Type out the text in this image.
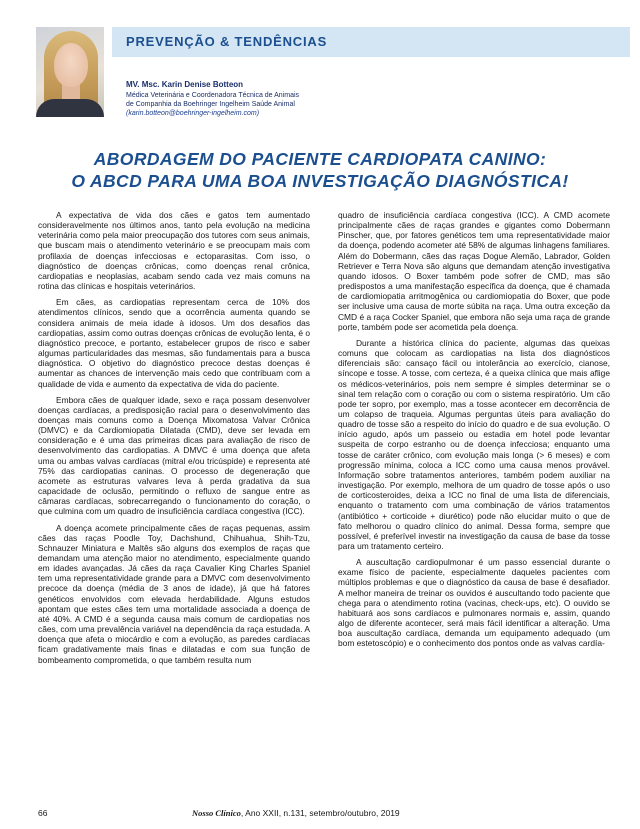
PREVENÇÃO & TENDÊNCIAS
MV. Msc. Karin Denise Botteon
Médica Veterinária e Coordenadora Técnica de Animais
de Companhia da Boehringer Ingelheim Saúde Animal
(karin.botteon@boehringer-ingelheim.com)
ABORDAGEM DO PACIENTE CARDIOPATA CANINO:
O ABCD PARA UMA BOA INVESTIGAÇÃO DIAGNÓSTICA!

A expectativa de vida dos cães e gatos tem aumentado consideravelmente nos últimos anos, tanto pela evolução na medicina veterinária como pela maior preocupação dos tutores com seus animais, que buscam mais o atendimento veterinário e se preocupam mais com profilaxia de doenças infecciosas e ectoparasitas. Com isso, o diagnóstico de doenças crônicas, como doenças renal crônica, cardiopatias e neoplasias, acabam sendo cada vez mais comuns na rotina das clínicas e hospitais veterinários.

Em cães, as cardiopatias representam cerca de 10% dos atendimentos clínicos, sendo que a ocorrência aumenta quando se considera animais de meia idade à idosos. Um dos desafios das cardiopatias, assim como outras doenças crônicas de evolução lenta, é o diagnóstico precoce, e portanto, estabelecer grupos de risco e saber algumas particularidades das mesmas, são fundamentais para a busca diagnóstica. O objetivo do diagnóstico precoce destas doenças é aumentar as chances de intervenção mais cedo que contribuam com a qualidade de vida e aumento da expectativa de vida do paciente.

Embora cães de qualquer idade, sexo e raça possam desenvolver doenças cardíacas, a predisposição racial para o desenvolvimento das doenças mais comuns como a Doença Mixomatosa Valvar Crônica (DMVC) e da Cardiomiopatia Dilatada (CMD), deve ser levada em consideração e é uma das primeiras dicas para avaliação de risco de desenvolvimento das cardiopatias. A DMVC é uma doença que afeta uma ou ambas valvas cardíacas (mitral e/ou tricúspide) e representa até 75% das cardiopatias caninas. O processo de degeneração que acomete as estruturas valvares leva à perda gradativa da sua capacidade de oclusão, permitindo o refluxo de sangue entre as câmaras cardíacas, sobrecarregando o funcionamento do coração, o que culmina com um quadro de insuficiência cardíaca congestiva (ICC).

A doença acomete principalmente cães de raças pequenas, assim cães das raças Poodle Toy, Dachshund, Chihuahua, Shih-Tzu, Schnauzer Miniatura e Maltês são alguns dos exemplos de raças que demandam uma atenção maior no atendimento, especialmente quando em idades avançadas. Já cães da raça Cavalier King Charles Spaniel tem uma representatividade grande para a DMVC com desenvolvimento precoce da doença (média de 3 anos de idade), já que há fatores genéticos envolvidos com elevada herdabilidade. Alguns estudos apontam que estes cães tem uma mortalidade associada a doença de até 40%. A CMD é a segunda causa mais comum de cardiopatias nos cães, com uma prevalência variável na dependência da raça estudada. A doença que afeta o miocárdio e com a evolução, as paredes cardíacas ficam gradativamente mais finas e dilatadas e com sua função de bombeamento comprometida, o que também resulta num

quadro de insuficiência cardíaca congestiva (ICC). A CMD acomete principalmente cães de raças grandes e gigantes como Dobermann Pinscher, que, por fatores genéticos tem uma representatividade maior da doença, podendo acometer até 58% de algumas linhagens familiares. Além do Dobermann, cães das raças Dogue Alemão, Labrador, Golden Retriever e Terra Nova são alguns que demandam atenção investigativa quando idosos. O Boxer também pode sofrer de CMD, mas são predispostos a uma manifestação específica da doença, que é chamada de cardiomiopatia arritmogênica ou cardiomiopatia do Boxer, que pode ser inclusive uma causa de morte súbita na raça. Uma outra exceção da CMD é a raça Cocker Spaniel, que embora não seja uma raça de grande porte, também pode ser acometida pela doença.

Durante a histórica clínica do paciente, algumas das queixas comuns que colocam as cardiopatias na lista dos diagnósticos diferenciais são: cansaço fácil ou intolerância ao exercício, cianose, síncope e tosse. A tosse, com certeza, é a queixa clínica que mais aflige os médicos-veterinários, pois nem sempre é simples determinar se o sinal tem relação com o coração ou com o sistema respiratório. Um cão pode ter sopro, por exemplo, mas a tosse acontecer em decorrência de um colapso de traqueia. Algumas perguntas úteis para avaliação do quadro de tosse são a respeito do início do quadro e de sua evolução. O início agudo, após um passeio ou estadia em hotel pode levantar suspeita de corpo estranho ou de doença infecciosa; enquanto uma tosse de caráter crônico, com evolução mais longa (> 6 meses) e com progressão mínima, coloca a ICC como uma causa menos provável. Informação sobre tratamentos anteriores, também podem auxiliar na investigação. Por exemplo, melhora de um quadro de tosse após o uso de corticosteroides, deixa a ICC no final de uma lista de diferenciais, enquanto o tratamento com uma combinação de vários tratamentos (antibiótico + corticoide + diurético) pode não elucidar muito o que de fato melhorou o quadro clínico do animal. Dessa forma, sempre que possível, é preferível investir na investigação da causa de base da tosse para um tratamento certeiro.

A auscultação cardiopulmonar é um passo essencial durante o exame físico de paciente, especialmente daqueles pacientes com múltiplos problemas e que o diagnóstico da causa de base é desafiador. A melhor maneira de treinar os ouvidos é auscultando todo paciente que chega para o atendimento rotina (vacinas, check-ups, etc). O ouvido se habituará aos sons cardíacos e pulmonares normais e, assim, quando algo de diferente acontecer, será mais fácil identificar a alteração. Uma boa auscultação cardíaca, demanda um equipamento adequado (um bom estetoscópio) e o conhecimento dos pontos onde as valvas cardía-

66	Nosso Clínico, Ano XXII, n.131, setembro/outubro, 2019
